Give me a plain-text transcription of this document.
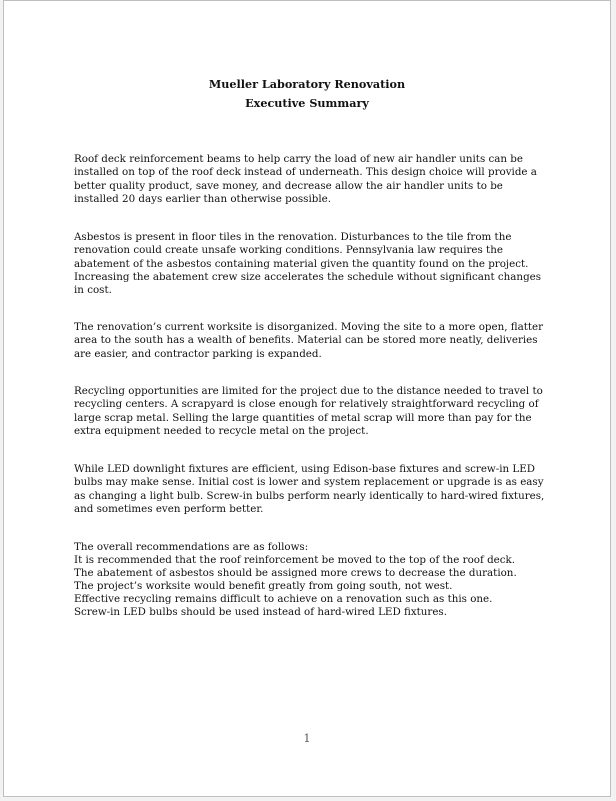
Mueller Laboratory Renovation

Executive Summary

Roof deck reinforcement beams to help carry the load of new air handler units can be installed on top of the roof deck instead of underneath. This design choice will provide a better quality product, save money, and decrease allow the air handler units to be installed 20 days earlier than otherwise possible.

Asbestos is present in floor tiles in the renovation. Disturbances to the tile from the renovation could create unsafe working conditions. Pennsylvania law requires the abatement of the asbestos containing material given the quantity found on the project. Increasing the abatement crew size accelerates the schedule without significant changes in cost.

The renovation’s current worksite is disorganized. Moving the site to a more open, flatter area to the south has a wealth of benefits. Material can be stored more neatly, deliveries are easier, and contractor parking is expanded.

Recycling opportunities are limited for the project due to the distance needed to travel to recycling centers. A scrapyard is close enough for relatively straightforward recycling of large scrap metal. Selling the large quantities of metal scrap will more than pay for the extra equipment needed to recycle metal on the project.

While LED downlight fixtures are efficient, using Edison-base fixtures and screw-in LED bulbs may make sense. Initial cost is lower and system replacement or upgrade is as easy as changing a light bulb. Screw-in bulbs perform nearly identically to hard-wired fixtures, and sometimes even perform better.

The overall recommendations are as follows:
It is recommended that the roof reinforcement be moved to the top of the roof deck.
The abatement of asbestos should be assigned more crews to decrease the duration.
The project’s worksite would benefit greatly from going south, not west.
Effective recycling remains difficult to achieve on a renovation such as this one.
Screw-in LED bulbs should be used instead of hard-wired LED fixtures.
1
